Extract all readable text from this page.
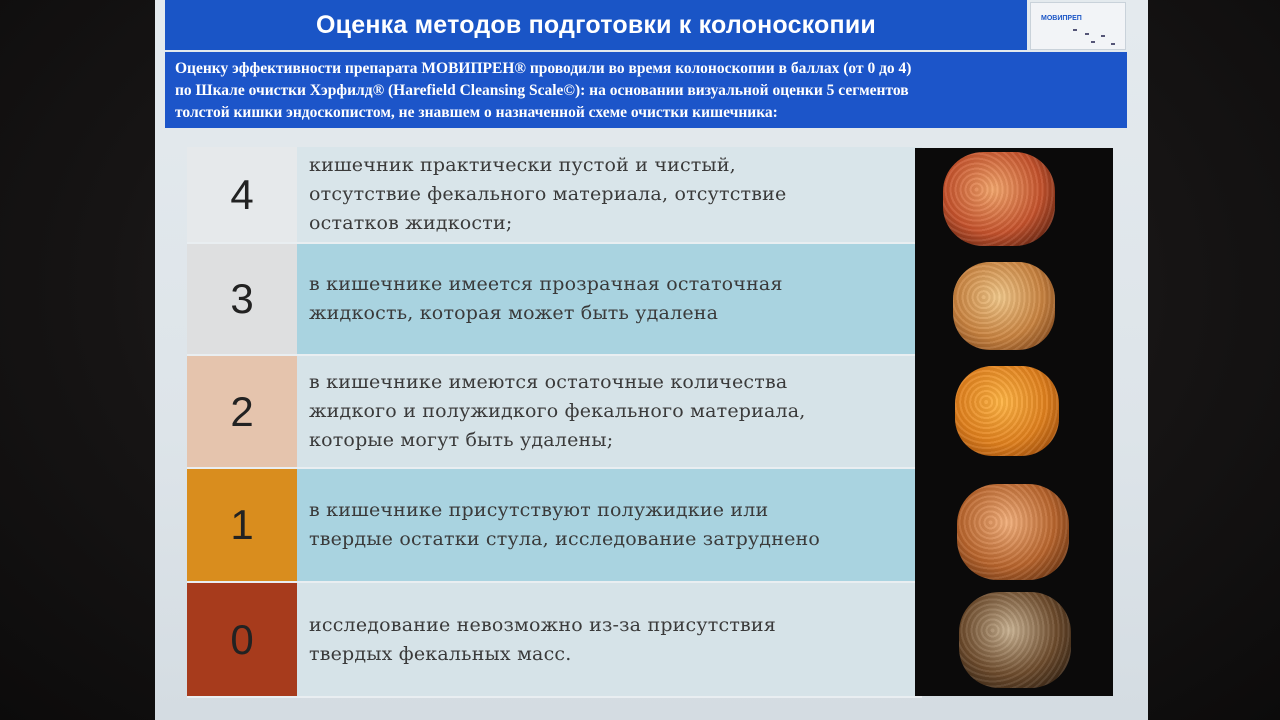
Оценка методов подготовки к колоноскопии	МОВИПРЕП
Оценку эффективности препарата МОВИПРЕН® проводили во время колоноскопии в баллах (от 0 до 4)
по Шкале очистки Хэрфилд® (Harefield Cleansing Scale©): на основании визуальной оценки 5 сегментов
толстой кишки эндоскопистом, не знавшем о назначенной схеме очистки кишечника:
4
кишечник практически пустой и чистый,
отсутствие фекального материала, отсутствие
остатков жидкости;
3	в кишечнике имеется прозрачная остаточная
жидкость, которая может быть удалена
2
в кишечнике имеются остаточные количества
жидкого и полужидкого фекального материала,
которые могут быть удалены;
1	в кишечнике присутствуют полужидкие или
твердые остатки стула, исследование затруднено
0	исследование невозможно из-за присутствия
твердых фекальных масс.
